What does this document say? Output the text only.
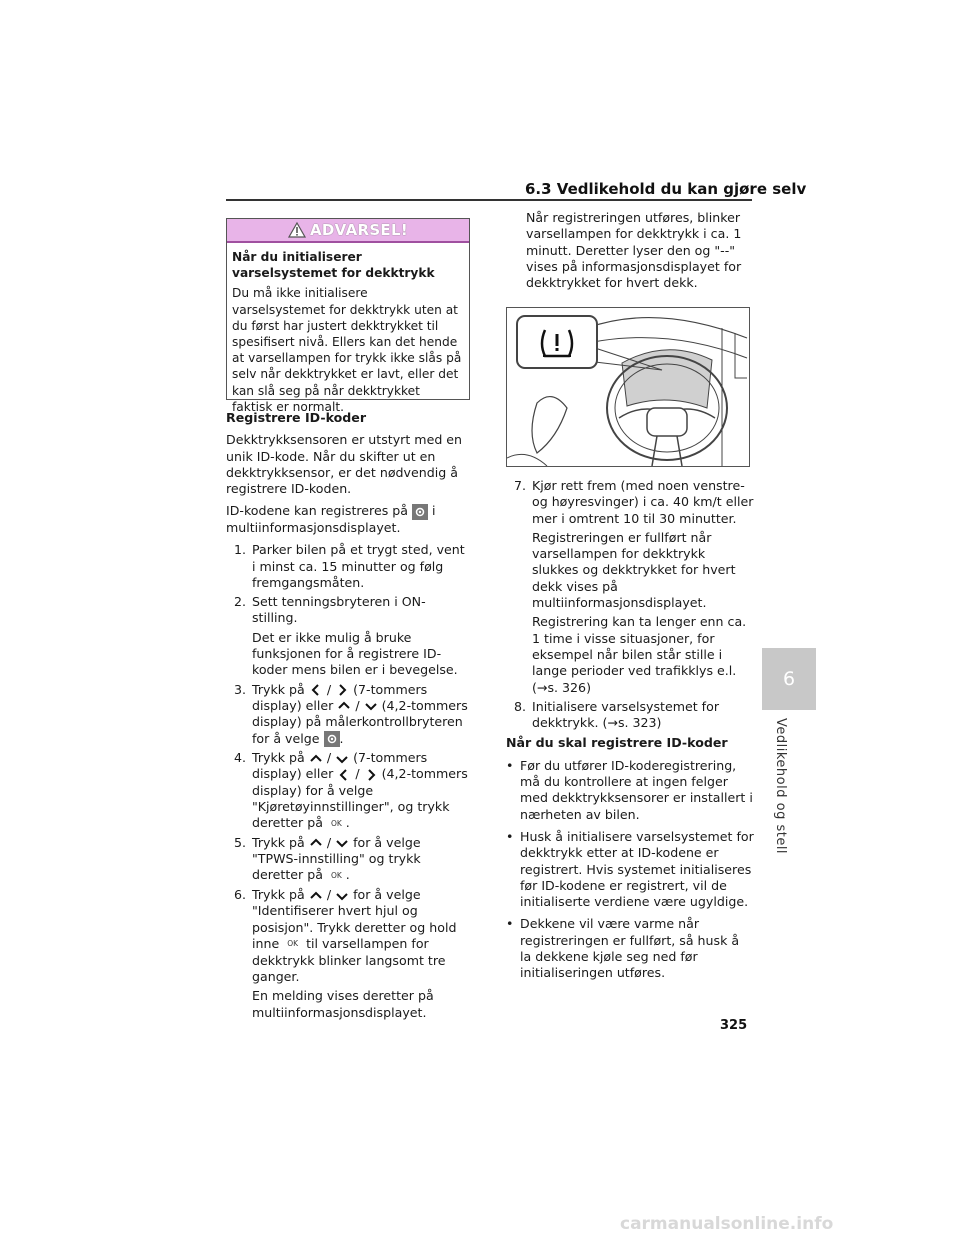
6.3 Vedlikehold du kan gjøre selv
ADVARSEL!
Når du initialiserer varselsystemet for dekktrykk
Du må ikke initialisere varselsystemet for dekktrykk uten at du først har justert dekktrykket til spesifisert nivå. Ellers kan det hende at varsellampen for trykk ikke slås på selv når dekktrykket er lavt, eller det kan slå seg på når dekktrykket faktisk er normalt.

Registrere ID-koder

Dekktrykksensoren er utstyrt med en unik ID-kode. Når du skifter ut en dekktrykksensor, er det nødvendig å registrere ID-koden.

ID-kodene kan registreres på i multiinformasjonsdisplayet.

1. Parker bilen på et trygt sted, vent i minst ca. 15 minutter og følg fremgangsmåten.
2. Sett tenningsbryteren i ON-stilling.
Det er ikke mulig å bruke funksjonen for å registrere ID-koder mens bilen er i bevegelse.
3. Trykk på / (7-tommers display) eller / (4,2-tommers display) på målerkontrollbryteren for å velge .
4. Trykk på / (7-tommers display) eller / (4,2-tommers display) for å velge "Kjøretøyinnstillinger", og trykk deretter på OK .
5. Trykk på / for å velge "TPWS-innstilling" og trykk deretter på OK .
6. Trykk på / for å velge "Identifiserer hvert hjul og posisjon". Trykk deretter og hold inne OK til varsellampen for dekktrykk blinker langsomt tre ganger.
En melding vises deretter på multiinformasjonsdisplayet.
Når registreringen utføres, blinker varsellampen for dekktrykk i ca. 1 minutt. Deretter lyser den og "--" vises på informasjonsdisplayet for dekktrykket for hvert dekk.
7. Kjør rett frem (med noen venstre- og høyresvinger) i ca. 40 km/t eller mer i omtrent 10 til 30 minutter.
Registreringen er fullført når varsellampen for dekktrykk slukkes og dekktrykket for hvert dekk vises på multiinformasjonsdisplayet.
Registrering kan ta lenger enn ca. 1 time i visse situasjoner, for eksempel når bilen står stille i lange perioder ved trafikklys e.l. (→s. 326)
8. Initialisere varselsystemet for dekktrykk. (→s. 323)

Når du skal registrere ID-koder

• Før du utfører ID-koderegistrering, må du kontrollere at ingen felger med dekktrykksensorer er installert i nærheten av bilen.
• Husk å initialisere varselsystemet for dekktrykk etter at ID-kodene er registrert. Hvis systemet initialiseres før ID-kodene er registrert, vil de initialiserte verdiene være ugyldige.
• Dekkene vil være varme når registreringen er fullført, så husk å la dekkene kjøle seg ned før initialiseringen utføres.
6
Vedlikehold og stell
325
carmanualsonline.info
